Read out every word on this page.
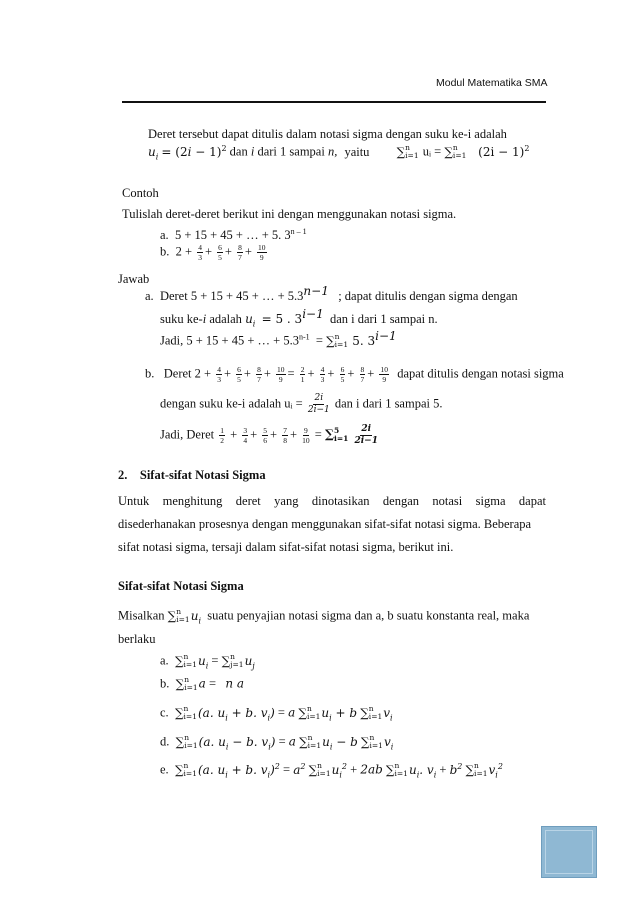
Modul Matematika SMA
Deret tersebut dapat ditulis dalam notasi sigma dengan suku ke-i adalah
$u_i = (2i - 1)^2$ dan i dari 1 sampai n, yaitu ∑ n
i=1 uᵢ = ∑ n
i=1 $(2i - 1)^2$
Contoh
Tulislah deret-deret berikut ini dengan menggunakan notasi sigma.
a. 5 + 15 + 45 + … + 5. 3$^{n - 1}$
b. $2 + \frac{4}{3} + \frac{6}{5} + \frac{8}{7} + \frac{10}{9}$
Jawab
a. Deret 5 + 15 + 45 + … + $5.3^{n-1}$ ; dapat ditulis dengan sigma dengan
suku ke-i adalah $u_i = 5$ . $3^{i-1}$ dan i dari 1 sampai n.
Jadi, 5 + 15 + 45 + … + $5.3^{n-1}$  = ∑ n
i=1 5. $3^{i-1}$
b. Deret $2 + \frac{4}{3} + \frac{6}{5} + \frac{8}{7} + \frac{10}{9} = \frac{2}{1} + \frac{4}{3} + \frac{6}{5} + \frac{8}{7} + \frac{10}{9}$ dapat ditulis dengan notasi sigma
dengan suku ke-i adalah uᵢ = $\frac{2i}{2i-1}$ dan i dari 1 sampai 5.
Jadi, Deret $\frac{1}{2} + \frac{3}{4} + \frac{5}{6} + \frac{7}{8} + \frac{9}{10}$ = ∑ 5
i=1
$\frac{2i}{2i-1}$
2. Sifat-sifat Notasi Sigma
Untuk menghitung deret yang dinotasikan dengan notasi sigma dapat
disederhanakan prosesnya dengan menggunakan sifat-sifat notasi sigma. Beberapa
sifat notasi sigma, tersaji dalam sifat-sifat notasi sigma, berikut ini.
Sifat-sifat Notasi Sigma
Misalkan ∑ n
i=1 $u_i$ suatu penyajian notasi sigma dan a, b suatu konstanta real, maka
berlaku
a. ∑ n
i=1 $u_i$ = ∑ n
j=1 $u_j$
b. ∑ n
i=1 a =   n a
c. ∑ n
i=1 (a. $u_i + b$. $v_i) = a$ ∑ n
i=1 $u_i + b$ ∑ n
i=1 $v_i$
d. ∑ n
i=1 (a. $u_i - b$. $v_i) = a$ ∑ n
i=1 $u_i - b$ ∑ n
i=1 $v_i$
e. ∑ n
i=1 (a. $u_i + b$. $v_i)^2 = a^2$ ∑ n
i=1 $u_i^2 + 2ab$ ∑ n
i=1 $u_i$. $v_i + b^2$ ∑ n
i=1 $v_i^2$
